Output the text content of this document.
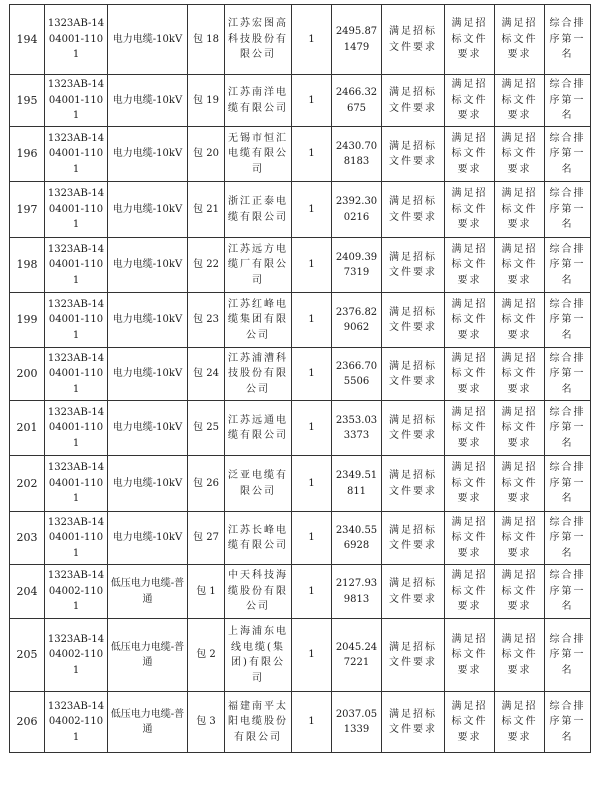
194	1323AB-1404001-1101	电力电缆-10kV	包 18	江苏宏图高科技股份有限公司	1	2495.871479	满足招标文件要求	满足招标文件要求	满足招标文件要求	综合排序第一名
195	1323AB-1404001-1101	电力电缆-10kV	包 19	江苏南洋电缆有限公司	1	2466.32675	满足招标文件要求	满足招标文件要求	满足招标文件要求	综合排序第一名
196	1323AB-1404001-1101	电力电缆-10kV	包 20	无锡市恒汇电缆有限公司	1	2430.708183	满足招标文件要求	满足招标文件要求	满足招标文件要求	综合排序第一名
197	1323AB-1404001-1101	电力电缆-10kV	包 21	浙江正泰电缆有限公司	1	2392.300216	满足招标文件要求	满足招标文件要求	满足招标文件要求	综合排序第一名
198	1323AB-1404001-1101	电力电缆-10kV	包 22	江苏远方电缆厂有限公司	1	2409.397319	满足招标文件要求	满足招标文件要求	满足招标文件要求	综合排序第一名
199	1323AB-1404001-1101	电力电缆-10kV	包 23	江苏红峰电缆集团有限公司	1	2376.829062	满足招标文件要求	满足招标文件要求	满足招标文件要求	综合排序第一名
200	1323AB-1404001-1101	电力电缆-10kV	包 24	江苏浦漕科技股份有限公司	1	2366.705506	满足招标文件要求	满足招标文件要求	满足招标文件要求	综合排序第一名
201	1323AB-1404001-1101	电力电缆-10kV	包 25	江苏远通电缆有限公司	1	2353.033373	满足招标文件要求	满足招标文件要求	满足招标文件要求	综合排序第一名
202	1323AB-1404001-1101	电力电缆-10kV	包 26	泛亚电缆有限公司	1	2349.51811	满足招标文件要求	满足招标文件要求	满足招标文件要求	综合排序第一名
203	1323AB-1404001-1101	电力电缆-10kV	包 27	江苏长峰电缆有限公司	1	2340.556928	满足招标文件要求	满足招标文件要求	满足招标文件要求	综合排序第一名
204	1323AB-1404002-1101	低压电力电缆-普通	包 1	中天科技海缆股份有限公司	1	2127.939813	满足招标文件要求	满足招标文件要求	满足招标文件要求	综合排序第一名
205	1323AB-1404002-1101	低压电力电缆-普通	包 2	上海浦东电线电缆(集团)有限公司	1	2045.247221	满足招标文件要求	满足招标文件要求	满足招标文件要求	综合排序第一名
206	1323AB-1404002-1101	低压电力电缆-普通	包 3	福建南平太阳电缆股份有限公司	1	2037.051339	满足招标文件要求	满足招标文件要求	满足招标文件要求	综合排序第一名
